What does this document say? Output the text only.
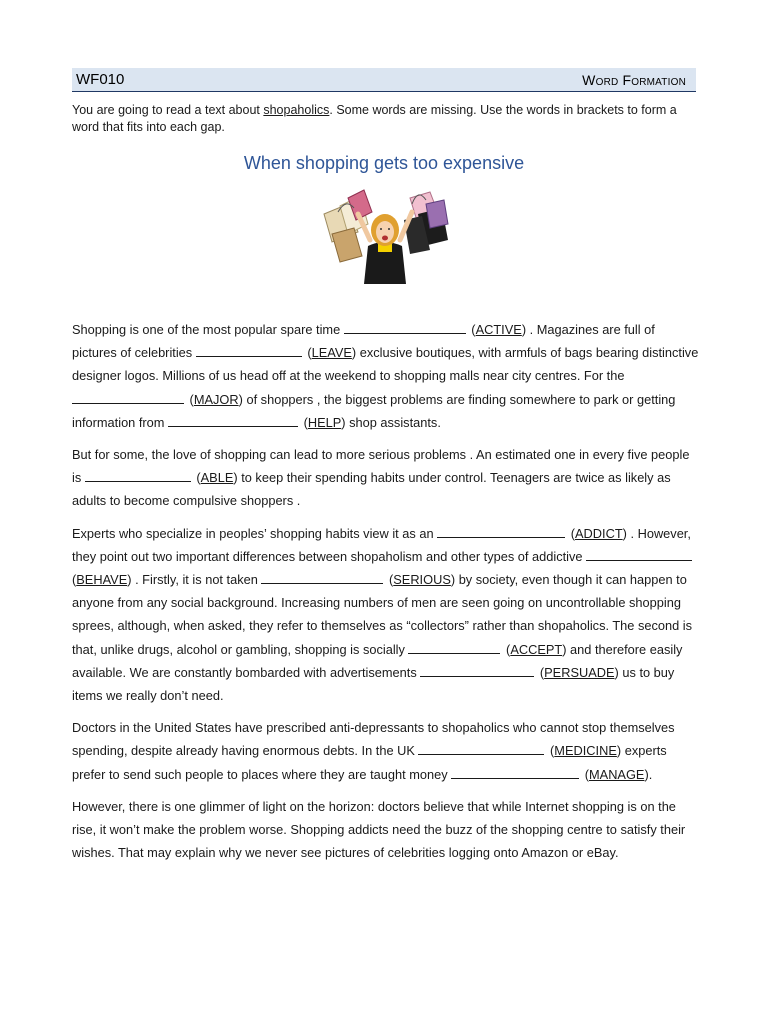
WF010	Word Formation
You are going to read a text about shopaholics. Some words are missing. Use the words in brackets to form a word that fits into each gap.
When shopping gets too expensive

Shopping is one of the most popular spare time	(ACTIVE) . Magazines are full of pictures of celebrities	(LEAVE) exclusive boutiques, with armfuls of bags bearing distinctive designer logos. Millions of us head off at the weekend to shopping malls near city centres. For the  (MAJOR) of shoppers , the biggest problems are finding somewhere to park or getting information from	(HELP) shop assistants.

But for some, the love of shopping can lead to more serious problems . An estimated one in every five people is	(ABLE) to keep their spending habits under control. Teenagers are twice as likely as adults to become compulsive shoppers .

Experts who specialize in peoples’ shopping habits view it as an	(ADDICT) . However, they point out two important differences between shopaholism and other types of addictive  (BEHAVE) . Firstly, it is not taken	(SERIOUS) by society, even though it can happen to anyone from any social background. Increasing numbers of men are seen going on uncontrollable shopping sprees, although, when asked, they refer to themselves as “collectors” rather than shopaholics. The second is that, unlike drugs, alcohol or gambling, shopping is socially	(ACCEPT) and therefore easily available. We are constantly bombarded with advertisements	(PERSUADE) us to buy items we really don’t need.

Doctors in the United States have prescribed anti-depressants to shopaholics who cannot stop themselves spending, despite already having enormous debts. In the UK	(MEDICINE) experts prefer to send such people to places where they are taught money	(MANAGE).

However, there is one glimmer of light on the horizon: doctors believe that while Internet shopping is on the rise, it won’t make the problem worse. Shopping addicts need the buzz of the shopping centre to satisfy their wishes. That may explain why we never see pictures of celebrities logging onto Amazon or eBay.
